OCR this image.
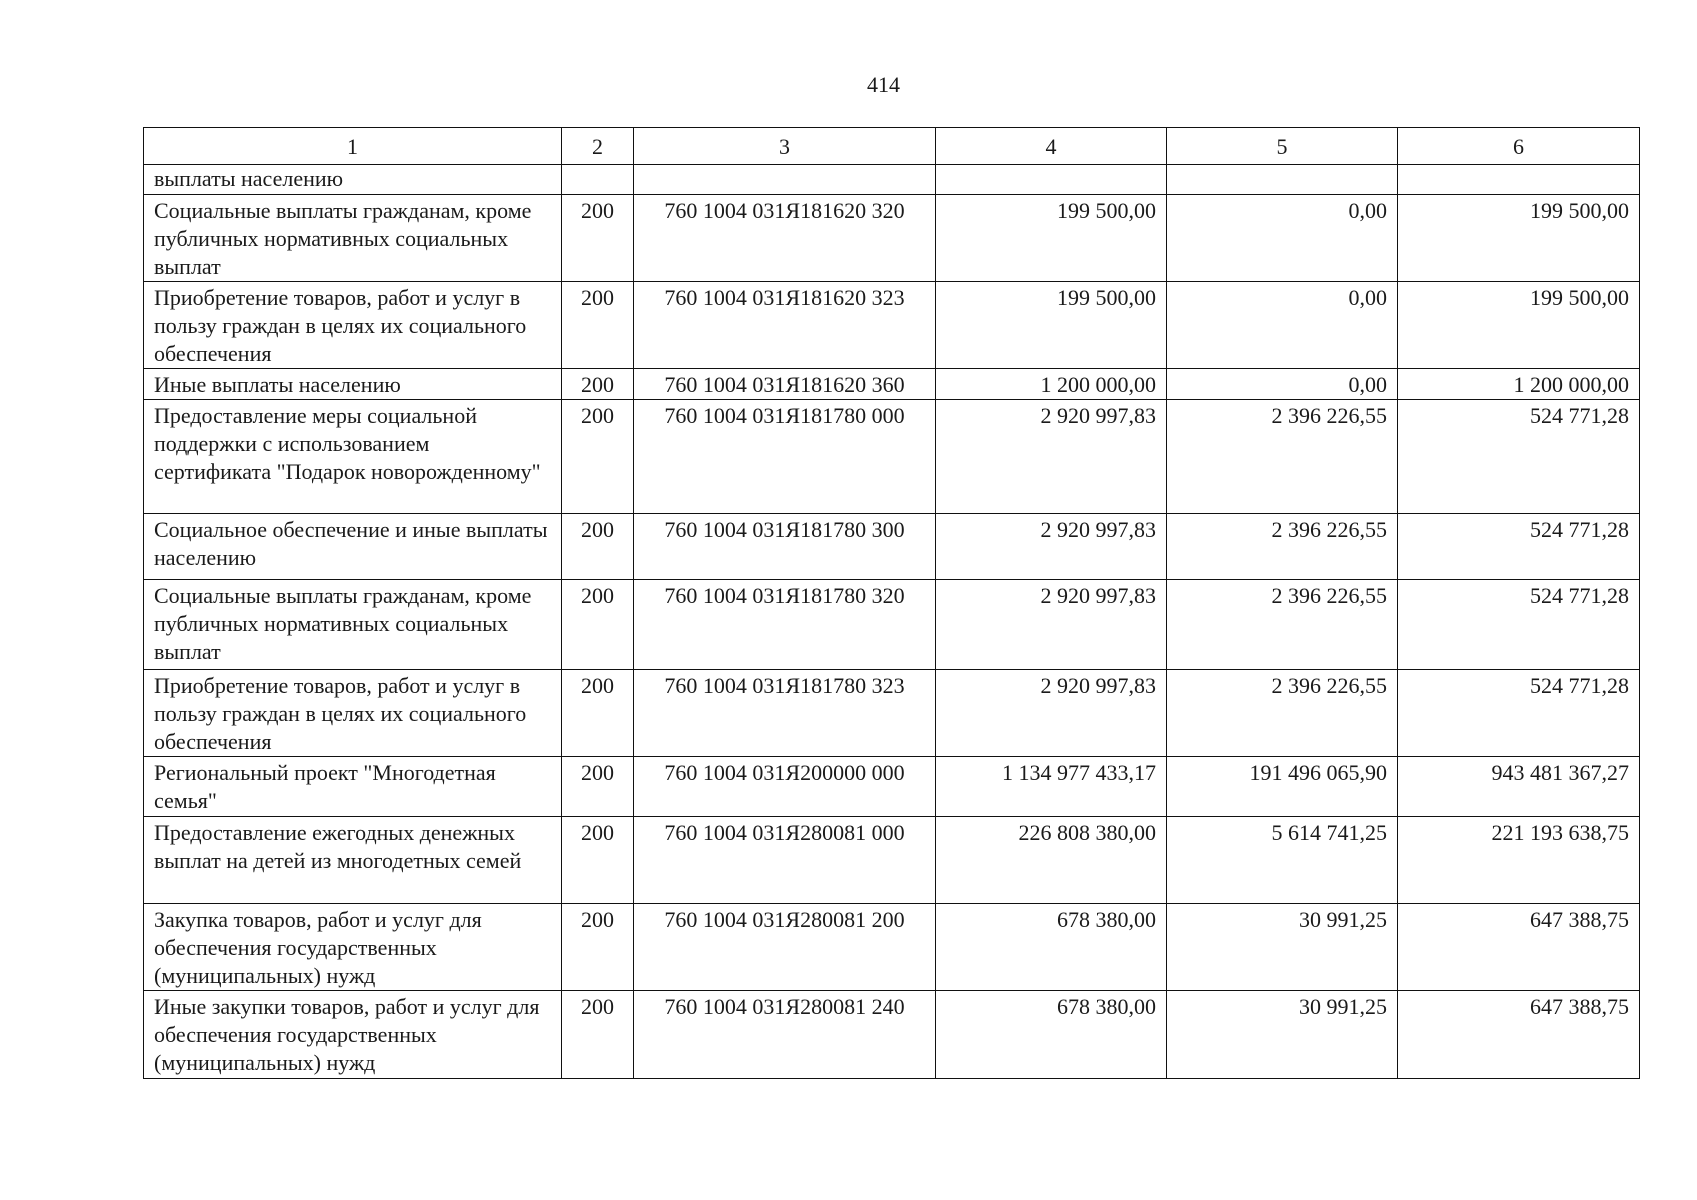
414
1	2	3	4	5	6
выплаты населению					
Социальные выплаты гражданам, кроме публичных нормативных социальных выплат	200	760 1004 031Я181620 320	199 500,00	0,00	199 500,00
Приобретение товаров, работ и услуг в пользу граждан в целях их социального обеспечения	200	760 1004 031Я181620 323	199 500,00	0,00	199 500,00
Иные выплаты населению	200	760 1004 031Я181620 360	1 200 000,00	0,00	1 200 000,00
Предоставление меры социальной поддержки с использованием сертификата "Подарок новорожденному"	200	760 1004 031Я181780 000	2 920 997,83	2 396 226,55	524 771,28
Социальное обеспечение и иные выплаты населению	200	760 1004 031Я181780 300	2 920 997,83	2 396 226,55	524 771,28
Социальные выплаты гражданам, кроме публичных нормативных социальных выплат	200	760 1004 031Я181780 320	2 920 997,83	2 396 226,55	524 771,28
Приобретение товаров, работ и услуг в пользу граждан в целях их социального обеспечения	200	760 1004 031Я181780 323	2 920 997,83	2 396 226,55	524 771,28
Региональный проект "Многодетная семья"	200	760 1004 031Я200000 000	1 134 977 433,17	191 496 065,90	943 481 367,27
Предоставление ежегодных денежных выплат на детей из многодетных семей	200	760 1004 031Я280081 000	226 808 380,00	5 614 741,25	221 193 638,75
Закупка товаров, работ и услуг для обеспечения государственных (муниципальных) нужд	200	760 1004 031Я280081 200	678 380,00	30 991,25	647 388,75
Иные закупки товаров, работ и услуг для обеспечения государственных (муниципальных) нужд	200	760 1004 031Я280081 240	678 380,00	30 991,25	647 388,75
